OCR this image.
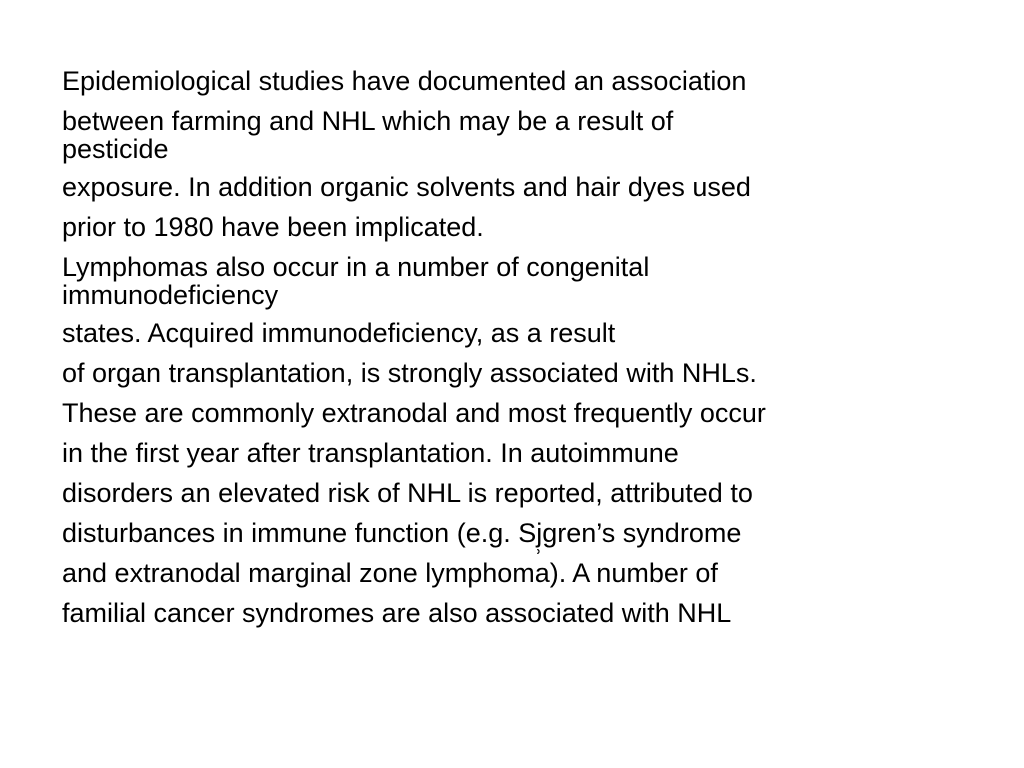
Epidemiological studies have documented an association
between farming and NHL which may be a result of
pesticide
exposure. In addition organic solvents and hair dyes used
prior to 1980 have been implicated.
Lymphomas also occur in a number of congenital
immunodeficiency
states. Acquired immunodeficiency, as a result
of organ transplantation, is strongly associated with NHLs.
These are commonly extranodal and most frequently occur
in the first year after transplantation. In autoimmune
disorders an elevated risk of NHL is reported, attributed to
disturbances in immune function (e.g. Sj̹gren’s syndrome
and extranodal marginal zone lymphoma). A number of
familial cancer syndromes are also associated with NHL
